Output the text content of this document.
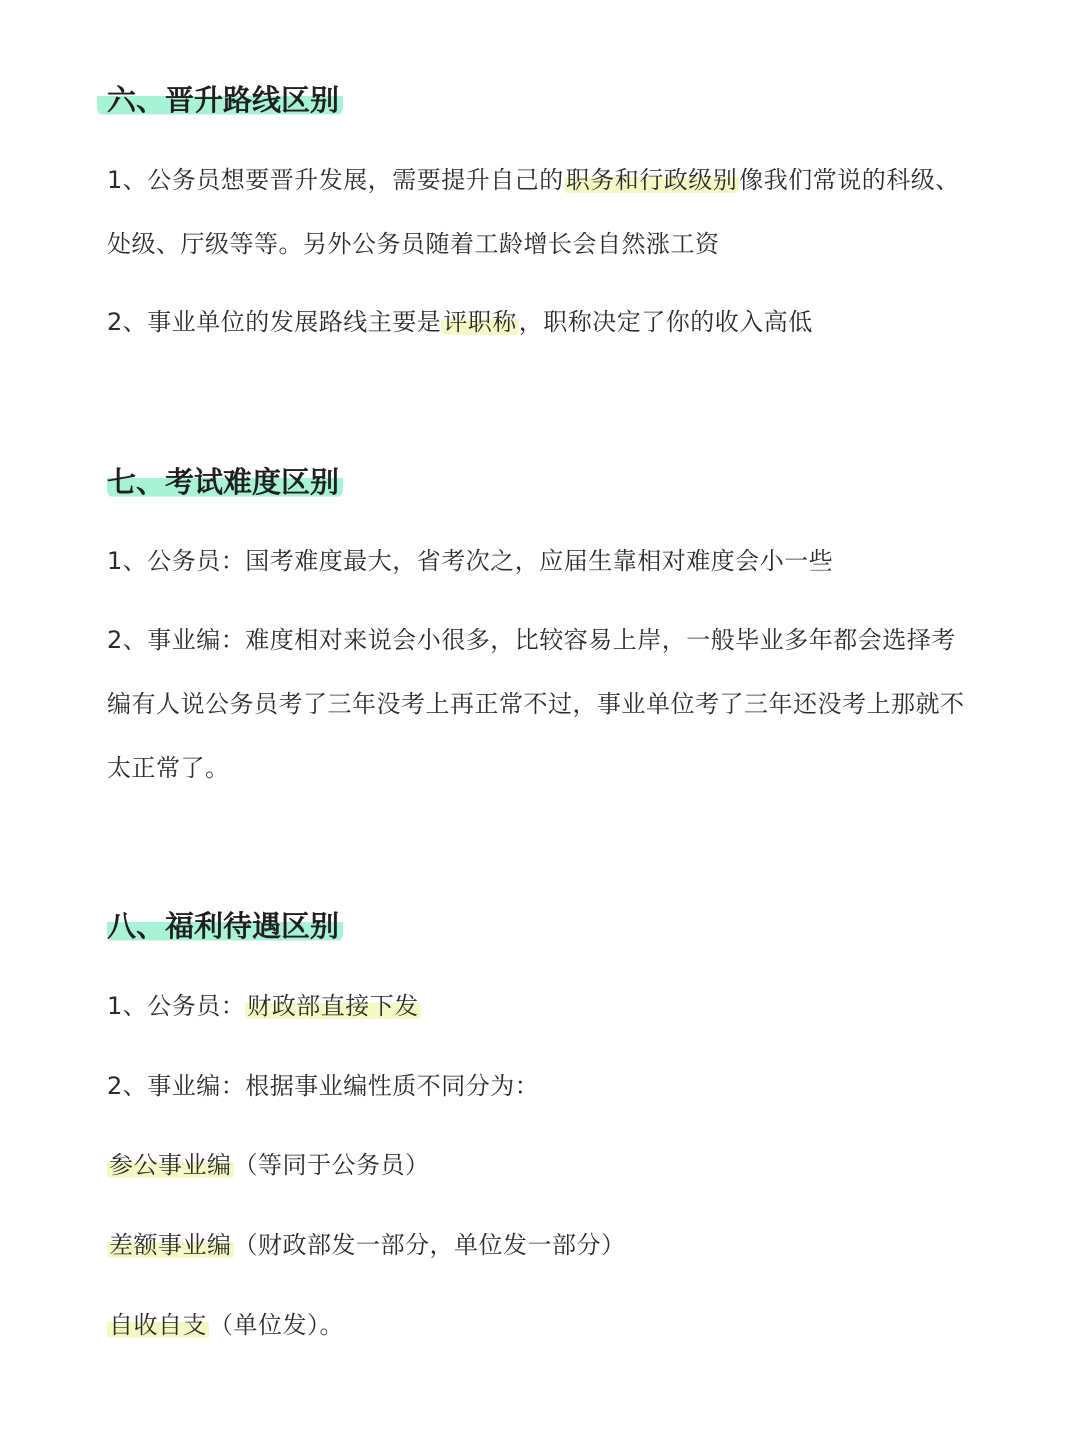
六、晋升路线区别
1、公务员想要晋升发展，需要提升自己的职务和行政级别像我们常说的科级、处级、厅级等等。另外公务员随着工龄增长会自然涨工资
2、事业单位的发展路线主要是评职称，职称决定了你的收入高低
七、考试难度区别
1、公务员：国考难度最大，省考次之，应届生靠相对难度会小一些
2、事业编：难度相对来说会小很多，比较容易上岸，一般毕业多年都会选择考编有人说公务员考了三年没考上再正常不过，事业单位考了三年还没考上那就不太正常了。
八、福利待遇区别
1、公务员：财政部直接下发
2、事业编：根据事业编性质不同分为：
参公事业编（等同于公务员）
差额事业编（财政部发一部分，单位发一部分）
自收自支（单位发）。
